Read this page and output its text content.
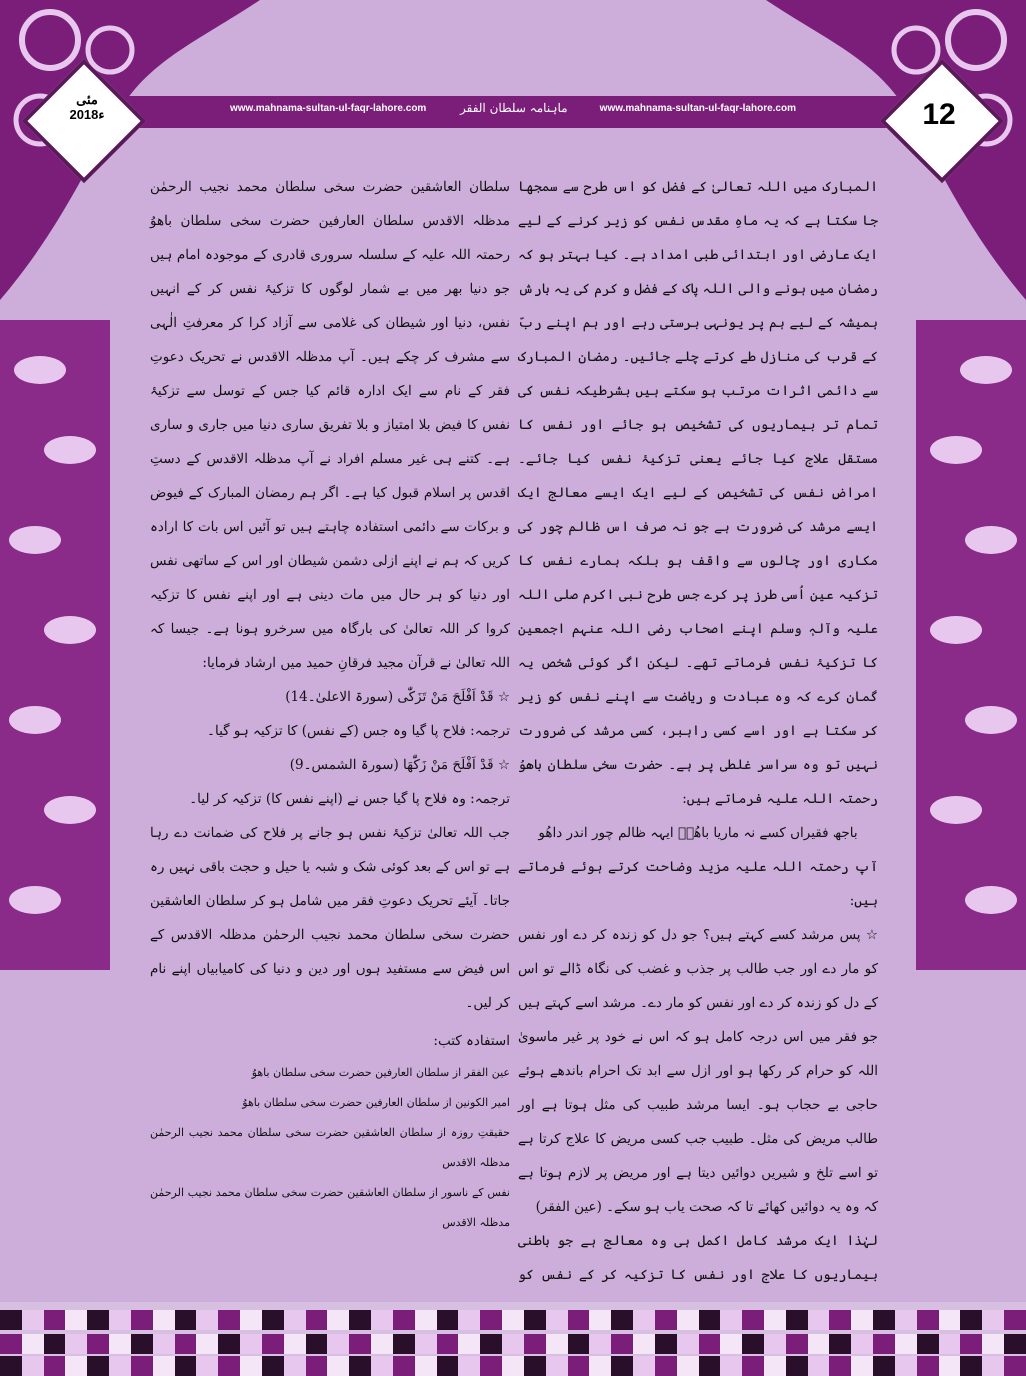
www.mahnama-sultan-ul-faqr-lahore.com	ماہنامہ سلطان الفقر	www.mahnama-sultan-ul-faqr-lahore.com
مئی
2018ء	12

المبارک میں اللہ تعالیٰ کے فضل کو اس طرح سے سمجھا جا سکتا ہے کہ یہ ماہِ مقدس نفس کو زیر کرنے کے لیے ایک عارضی اور ابتدائی طبی امداد ہے۔ کیا بہتر ہو کہ رمضان میں ہونے والی اللہ پاک کے فضل و کرم کی یہ بارش ہمیشہ کے لیے ہم پر یونہی برستی رہے اور ہم اپنے ربّ کے قرب کی منازل طے کرتے چلے جائیں۔ رمضان المبارک سے دائمی اثرات مرتب ہو سکتے ہیں بشرطیکہ نفس کی تمام تر بیماریوں کی تشخیص ہو جائے اور نفس کا مستقل علاج کیا جائے یعنی تزکیۂ نفس کیا جائے۔ امراضِ نفس کی تشخیص کے لیے ایک ایسے معالج ایک ایسے مرشد کی ضرورت ہے جو نہ صرف اس ظالم چور کی مکاری اور چالوں سے واقف ہو بلکہ ہمارے نفس کا تزکیہ عین اُسی طرز پر کرے جس طرح نبی اکرم صلی اللہ علیہ وآلہٖ وسلم اپنے اصحاب رضی اللہ عنہم اجمعین کا تزکیۂ نفس فرماتے تھے۔ لیکن اگر کوئی شخص یہ گمان کرے کہ وہ عبادت و ریاضت سے اپنے نفس کو زیر کر سکتا ہے اور اسے کسی راہبر، کسی مرشد کی ضرورت نہیں تو وہ سراسر غلطی پر ہے۔ حضرت سخی سلطان باھوُ رحمتہ اللہ علیہ فرماتے ہیں:

باجھ فقیراں کسے نہ ماریا باھُوؒ ایہہ ظالم چور اندر داھُو

آپ رحمتہ اللہ علیہ مزید وضاحت کرتے ہوئے فرماتے ہیں:

☆ پس مرشد کسے کہتے ہیں؟ جو دل کو زندہ کر دے اور نفس کو مار دے اور جب طالب پر جذب و غضب کی نگاہ ڈالے تو اس کے دل کو زندہ کر دے اور نفس کو مار دے۔ مرشد اسے کہتے ہیں جو فقر میں اس درجہ کامل ہو کہ اس نے خود پر غیر ماسویٰ اللہ کو حرام کر رکھا ہو اور ازل سے ابد تک احرام باندھے ہوئے حاجی بے حجاب ہو۔ ایسا مرشد طبیب کی مثل ہوتا ہے اور طالب مریض کی مثل۔ طبیب جب کسی مریض کا علاج کرتا ہے تو اسے تلخ و شیریں دوائیں دیتا ہے اور مریض پر لازم ہوتا ہے کہ وہ یہ دوائیں کھائے تا کہ صحت یاب ہو سکے۔ (عین الفقر)

لہٰذا ایک مرشد کامل اکمل ہی وہ معالج ہے جو باطنی بیماریوں کا علاج اور نفس کا تزکیہ کر کے نفس کو

سلطان العاشقین حضرت سخی سلطان محمد نجیب الرحمٰن مدظلہ الاقدس سلطان العارفین حضرت سخی سلطان باھوُ رحمتہ اللہ علیہ کے سلسلہ سروری قادری کے موجودہ امام ہیں جو دنیا بھر میں بے شمار لوگوں کا تزکیۂ نفس کر کے انہیں نفس، دنیا اور شیطان کی غلامی سے آزاد کرا کر معرفتِ الٰہی سے مشرف کر چکے ہیں۔ آپ مدظلہ الاقدس نے تحریک دعوتِ فقر کے نام سے ایک ادارہ قائم کیا جس کے توسل سے تزکیۂ نفس کا فیض بلا امتیاز و بلا تفریق ساری دنیا میں جاری و ساری ہے۔ کتنے ہی غیر مسلم افراد نے آپ مدظلہ الاقدس کے دستِ اقدس پر اسلام قبول کیا ہے۔ اگر ہم رمضان المبارک کے فیوض و برکات سے دائمی استفادہ چاہتے ہیں تو آئیں اس بات کا ارادہ کریں کہ ہم نے اپنے ازلی دشمن شیطان اور اس کے ساتھی نفس اور دنیا کو ہر حال میں مات دینی ہے اور اپنے نفس کا تزکیہ کروا کر اللہ تعالیٰ کی بارگاہ میں سرخرو ہونا ہے۔ جیسا کہ اللہ تعالیٰ نے قرآن مجید فرقانِ حمید میں ارشاد فرمایا:

☆ قَدْ اَفْلَحَ مَنْ تَزَكّٰى (سورۃ الاعلیٰ۔14)

ترجمہ: فلاح پا گیا وہ جس (کے نفس) کا تزکیہ ہو گیا۔

☆ قَدْ اَفْلَحَ مَنْ زَكّٰهَا (سورۃ الشمس۔9)

ترجمہ: وہ فلاح پا گیا جس نے (اپنے نفس کا) تزکیہ کر لیا۔

جب اللہ تعالیٰ تزکیۂ نفس ہو جانے پر فلاح کی ضمانت دے رہا ہے تو اس کے بعد کوئی شک و شبہ یا حیل و حجت باقی نہیں رہ جاتا۔ آیئے تحریک دعوتِ فقر میں شامل ہو کر سلطان العاشقین حضرت سخی سلطان محمد نجیب الرحمٰن مدظلہ الاقدس کے اس فیض سے مستفید ہوں اور دین و دنیا کی کامیابیاں اپنے نام کر لیں۔

استفادہ کتب:

عین الفقر از سلطان العارفین حضرت سخی سلطان باھوُ

امیر الکونین از سلطان العارفین حضرت سخی سلطان باھوُ

حقیقتِ روزہ از سلطان العاشقین حضرت سخی سلطان محمد نجیب الرحمٰن مدظلہ الاقدس

نفس کے ناسور از سلطان العاشقین حضرت سخی سلطان محمد نجیب الرحمٰن مدظلہ الاقدس
